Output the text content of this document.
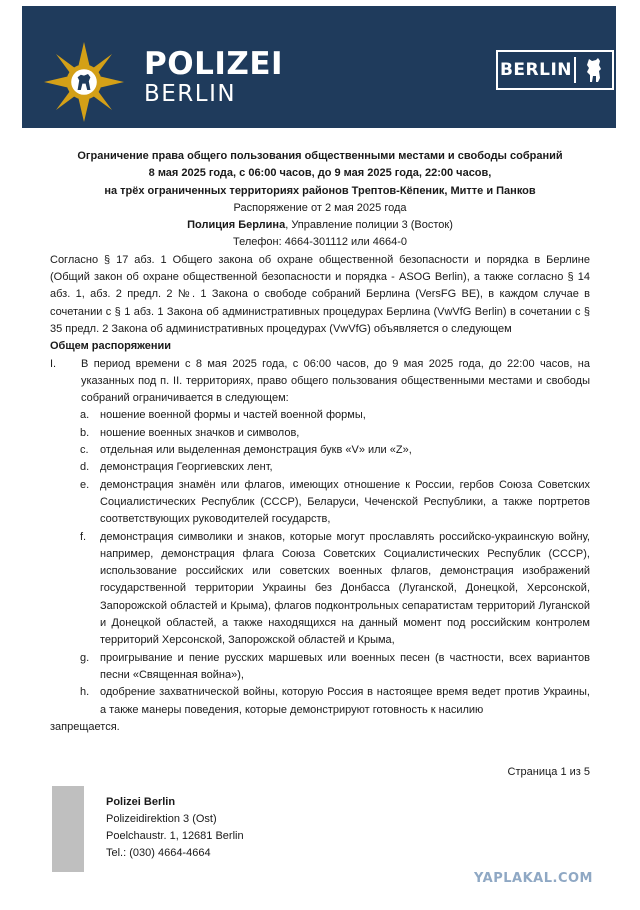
POLIZEI
BERLIN
BERLIN
Ограничение права общего пользования общественными местами и свободы собраний
8 мая 2025 года, с 06:00 часов, до 9 мая 2025 года, 22:00 часов,
на трёх ограниченных территориях районов Трептов-Кёпеник, Митте и Панков
Распоряжение от 2 мая 2025 года
Полиция Берлина, Управление полиции 3 (Восток)
Телефон: 4664-301112 или 4664-0
Согласно § 17 абз. 1 Общего закона об охране общественной безопасности и порядка в Берлине (Общий закон об охране общественной безопасности и порядка - ASOG Berlin), а также согласно § 14 абз. 1, абз. 2 предл. 2 №. 1 Закона о свободе собраний Берлина (VersFG BE), в каждом случае в сочетании с § 1 абз. 1 Закона об административных процедурах Берлина (VwVfG Berlin) в сочетании с § 35 предл. 2 Закона об административных процедурах (VwVfG) объявляется о следующем
Общем распоряжении
I.	В период времени с 8 мая 2025 года, с 06:00 часов, до 9 мая 2025 года, до 22:00 часов, на указанных под п. II. территориях, право общего пользования общественными местами и свободы собраний ограничивается в следующем:
a. ношение военной формы и частей военной формы,
b. ношение военных значков и символов,
c.	отдельная или выделенная демонстрация букв «V» или «Z»,
d. демонстрация Георгиевских лент,
e. демонстрация знамён или флагов, имеющих отношение к России, гербов Союза Советских Социалистических Республик (СССР), Беларуси, Чеченской Республики, а также портретов соответствующих руководителей государств,
f.	демонстрация символики и знаков, которые могут прославлять российско-украинскую войну, например, демонстрация флага Союза Советских Социалистических Республик (СССР), использование российских или советских военных флагов, демонстрация изображений государственной территории Украины без Донбасса (Луганской, Донецкой, Херсонской, Запорожской областей и Крыма), флагов подконтрольных сепаратистам территорий Луганской и Донецкой областей, а также находящихся на данный момент под российским контролем территорий Херсонской, Запорожской областей и Крыма,
g. проигрывание и пение русских маршевых или военных песен (в частности, всех вариантов песни «Священная война»),
h. одобрение захватнической войны, которую Россия в настоящее время ведет против Украины, а также манеры поведения, которые демонстрируют готовность к насилию
запрещается.
Страница 1 из 5
Polizei Berlin
Polizeidirektion 3 (Ost)
Poelchaustr. 1, 12681 Berlin
Tel.: (030) 4664-4664
YAPLAKAL.COM
